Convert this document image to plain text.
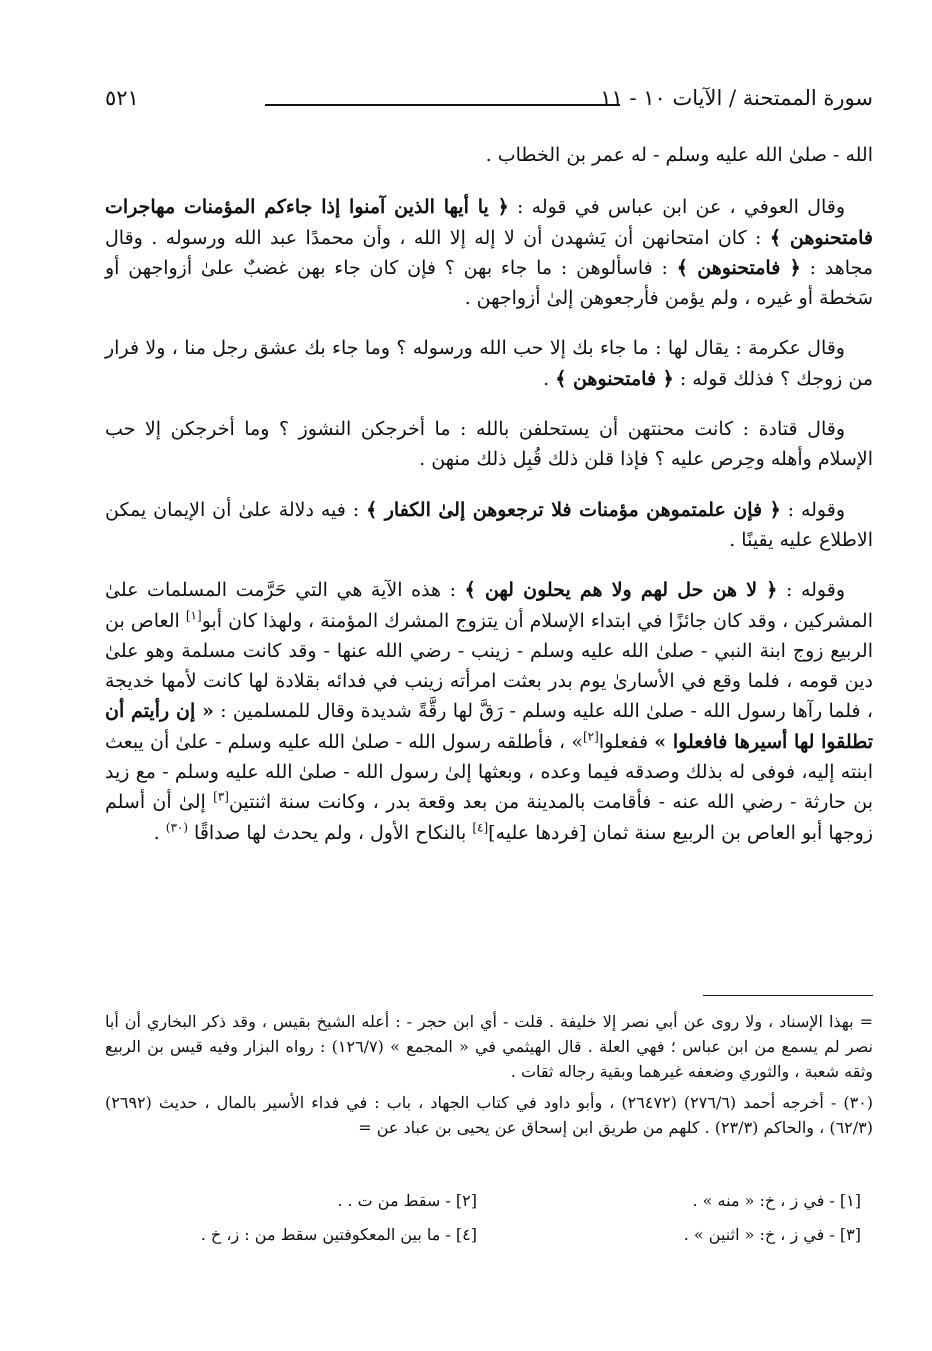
٥٢١	سورة الممتحنة / الآيات ١٠ - ١١

الله - صلىٰ الله عليه وسلم - له عمر بن الخطاب .

وقال العوفي ، عن ابن عباس في قوله : ﴿ يا أيها الذين آمنوا إذا جاءكم المؤمنات مهاجرات فامتحنوهن ﴾ : كان امتحانهن أن يَشهدن أن لا إله إلا الله ، وأن محمدًا عبد الله ورسوله . وقال مجاهد : ﴿ فامتحنوهن ﴾ : فاسألوهن : ما جاء بهن ؟ فإن كان جاء بهن غضبٌ علىٰ أزواجهن أو سَخطة أو غيره ، ولم يؤمن فأرجعوهن إلىٰ أزواجهن .

وقال عكرمة : يقال لها : ما جاء بك إلا حب الله ورسوله ؟ وما جاء بك عشق رجل منا ، ولا فرار من زوجك ؟ فذلك قوله : ﴿ فامتحنوهن ﴾ .

وقال قتادة : كانت محنتهن أن يستحلفن بالله : ما أخرجكن النشوز ؟ وما أخرجكن إلا حب الإسلام وأهله وحِرص عليه ؟ فإذا قلن ذلك قُبِل ذلك منهن .

وقوله : ﴿ فإن علمتموهن مؤمنات فلا ترجعوهن إلىٰ الكفار ﴾ : فيه دلالة علىٰ أن الإيمان يمكن الاطلاع عليه يقينًا .

وقوله : ﴿ لا هن حل لهم ولا هم يحلون لهن ﴾ : هذه الآية هي التي حَرَّمت المسلمات علىٰ المشركين ، وقد كان جائزًا في ابتداء الإسلام أن يتزوج المشرك المؤمنة ، ولهذا كان أبو[١] العاص بن الربيع زوج ابنة النبي - صلىٰ الله عليه وسلم - زينب - رضي الله عنها - وقد كانت مسلمة وهو علىٰ دين قومه ، فلما وقع في الأسارىٰ يوم بدر بعثت امرأته زينب في فدائه بقلادة لها كانت لأمها خديجة ، فلما رآها رسول الله - صلىٰ الله عليه وسلم - رَقَّ لها رقَّةً شديدة وقال للمسلمين : « إن رأيتم أن تطلقوا لها أسيرها فافعلوا » ففعلوا[٢]» ، فأطلقه رسول الله - صلىٰ الله عليه وسلم - علىٰ أن يبعث ابنته إليه، فوفى له بذلك وصدقه فيما وعده ، وبعثها إلىٰ رسول الله - صلىٰ الله عليه وسلم - مع زيد بن حارثة - رضي الله عنه - فأقامت بالمدينة من بعد وقعة بدر ، وكانت سنة اثنتين[٣] إلىٰ أن أسلم زوجها أبو العاص بن الربيع سنة ثمان [فردها عليه][٤] بالنكاح الأول ، ولم يحدث لها صداقًا $^{(٣٠)}$ .

= بهذا الإسناد ، ولا روى عن أبي نصر إلا خليفة . قلت - أي ابن حجر - : أعله الشيخ بقيس ، وقد ذكر البخاري أن أبا نصر لم يسمع من ابن عباس ؛ فهي العلة . قال الهيثمي في « المجمع » (١٢٦/٧) : رواه البزار وفيه قيس بن الربيع وثقه شعبة ، والثوري وضعفه غيرهما وبقية رجاله ثقات .

(٣٠) - أخرجه أحمد (٢٧٦/٦) (٢٦٤٧٢) ، وأبو داود في كتاب الجهاد ، باب : في فداء الأسير بالمال ، حديث (٢٦٩٢) (٦٢/٣) ، والحاكم (٢٣/٣) . كلهم من طريق ابن إسحاق عن يحيى بن عباد عن =

[١] - في ز ، خ: « منه » .
[٢] - سقط من ت . .
[٣] - في ز ، خ: « اثنين » .
[٤] - ما بين المعكوفتين سقط من : ز، خ .
